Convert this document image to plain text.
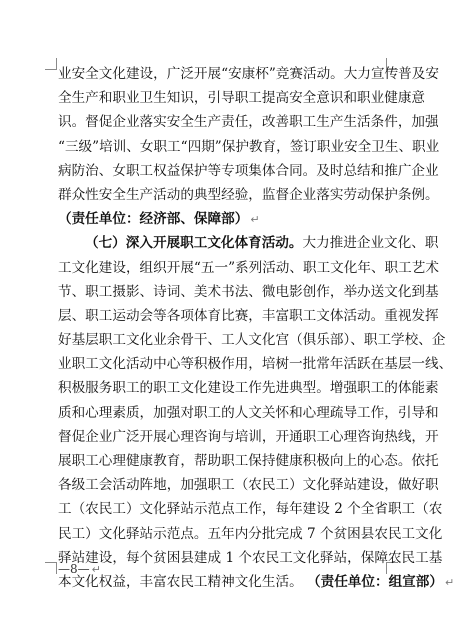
业安全文化建设，广泛开展“安康杯”竞赛活动。大力宣传普及安
全生产和职业卫生知识，引导职工提高安全意识和职业健康意
识。督促企业落实安全生产责任，改善职工生产生活条件，加强
“三级”培训、女职工“四期”保护教育，签订职业安全卫生、职业
病防治、女职工权益保护等专项集体合同。及时总结和推广企业
群众性安全生产活动的典型经验，监督企业落实劳动保护条例。
（责任单位：经济部、保障部） ↵
（七）深入开展职工文化体育活动。大力推进企业文化、职
工文化建设，组织开展“五一”系列活动、职工文化年、职工艺术
节、职工摄影、诗词、美术书法、微电影创作，举办送文化到基
层、职工运动会等各项体育比赛，丰富职工文体活动。重视发挥
好基层职工文化业余骨干、工人文化宫（俱乐部）、职工学校、企
业职工文化活动中心等积极作用，培树一批常年活跃在基层一线、
积极服务职工的职工文化建设工作先进典型。增强职工的体能素
质和心理素质，加强对职工的人文关怀和心理疏导工作，引导和
督促企业广泛开展心理咨询与培训，开通职工心理咨询热线，开
展职工心理健康教育，帮助职工保持健康积极向上的心态。依托
各级工会活动阵地，加强职工（农民工）文化驿站建设，做好职
工（农民工）文化驿站示范点工作，每年建设 2 个全省职工（农
民工）文化驿站示范点。五年内分批完成 7 个贫困县农民工文化
驿站建设，每个贫困县建成 1 个农民工文化驿站，保障农民工基
本文化权益，丰富农民工精神文化生活。 （责任单位：组宣部） ↵
—8— ↵
